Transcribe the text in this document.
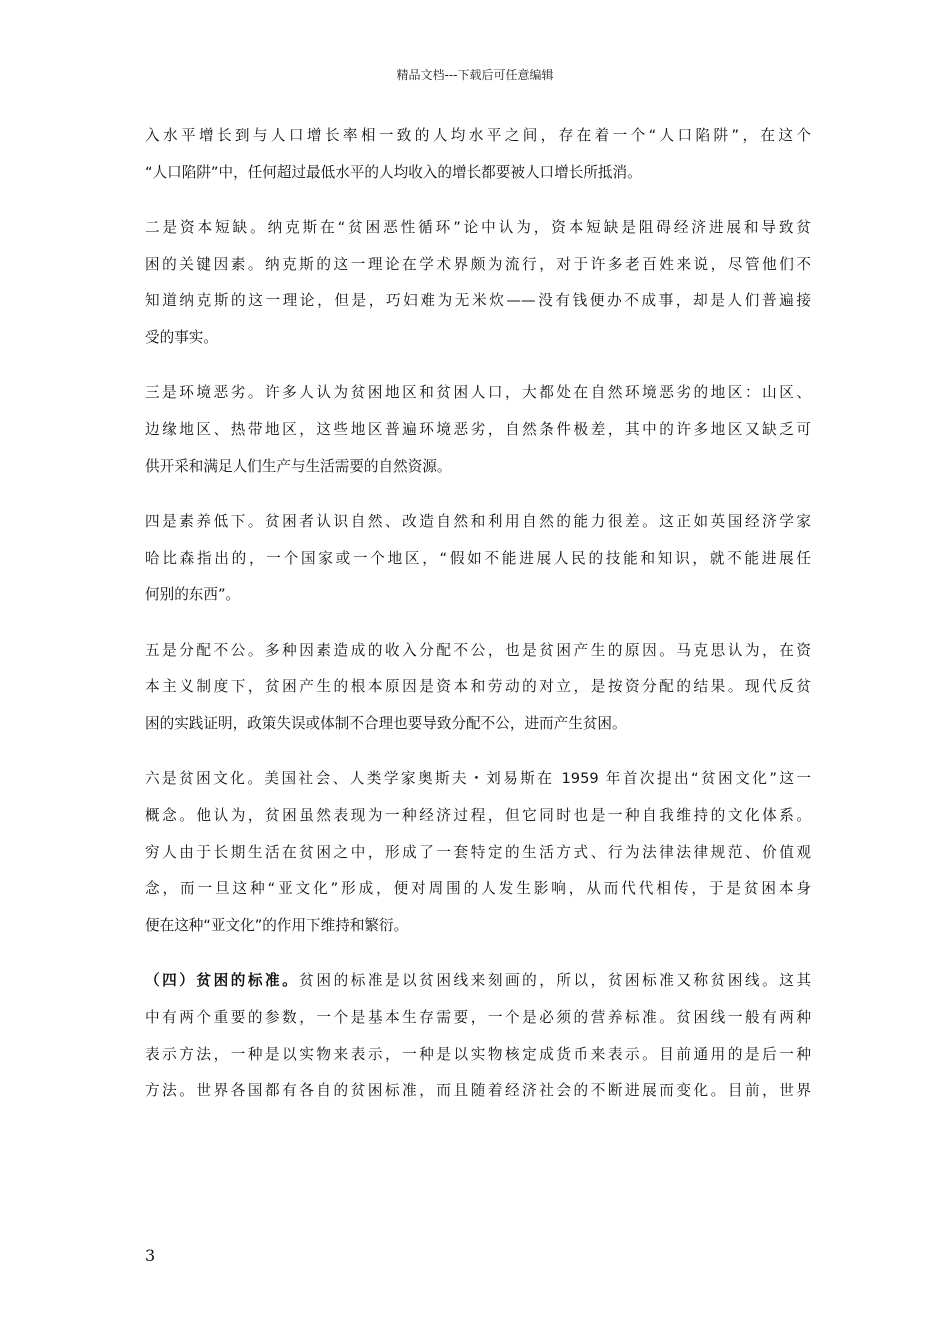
精品文档---下载后可任意编辑
入水平增长到与人口增长率相一致的人均水平之间，存在着一个“人口陷阱”，在这个
“人口陷阱”中，任何超过最低水平的人均收入的增长都要被人口增长所抵消。
二是资本短缺。纳克斯在“贫困恶性循环”论中认为，资本短缺是阻碍经济进展和导致贫
困的关键因素。纳克斯的这一理论在学术界颇为流行，对于许多老百姓来说，尽管他们不
知道纳克斯的这一理论，但是，巧妇难为无米炊——没有钱便办不成事，却是人们普遍接
受的事实。
三是环境恶劣。许多人认为贫困地区和贫困人口，大都处在自然环境恶劣的地区：山区、
边缘地区、热带地区，这些地区普遍环境恶劣，自然条件极差，其中的许多地区又缺乏可
供开采和满足人们生产与生活需要的自然资源。
四是素养低下。贫困者认识自然、改造自然和利用自然的能力很差。这正如英国经济学家
哈比森指出的，一个国家或一个地区，“假如不能进展人民的技能和知识，就不能进展任
何别的东西”。
五是分配不公。多种因素造成的收入分配不公，也是贫困产生的原因。马克思认为，在资
本主义制度下，贫困产生的根本原因是资本和劳动的对立，是按资分配的结果。现代反贫
困的实践证明，政策失误或体制不合理也要导致分配不公，进而产生贫困。
六是贫困文化。美国社会、人类学家奥斯夫・刘易斯在 1959 年首次提出“贫困文化”这一
概念。他认为，贫困虽然表现为一种经济过程，但它同时也是一种自我维持的文化体系。
穷人由于长期生活在贫困之中，形成了一套特定的生活方式、行为法律法律规范、价值观
念，而一旦这种“亚文化”形成，便对周围的人发生影响，从而代代相传，于是贫困本身
便在这种“亚文化”的作用下维持和繁衍。
（四）贫困的标准。贫困的标准是以贫困线来刻画的，所以，贫困标准又称贫困线。这其
中有两个重要的参数，一个是基本生存需要，一个是必须的营养标准。贫困线一般有两种
表示方法，一种是以实物来表示，一种是以实物核定成货币来表示。目前通用的是后一种
方法。世界各国都有各自的贫困标准，而且随着经济社会的不断进展而变化。目前，世界
3
